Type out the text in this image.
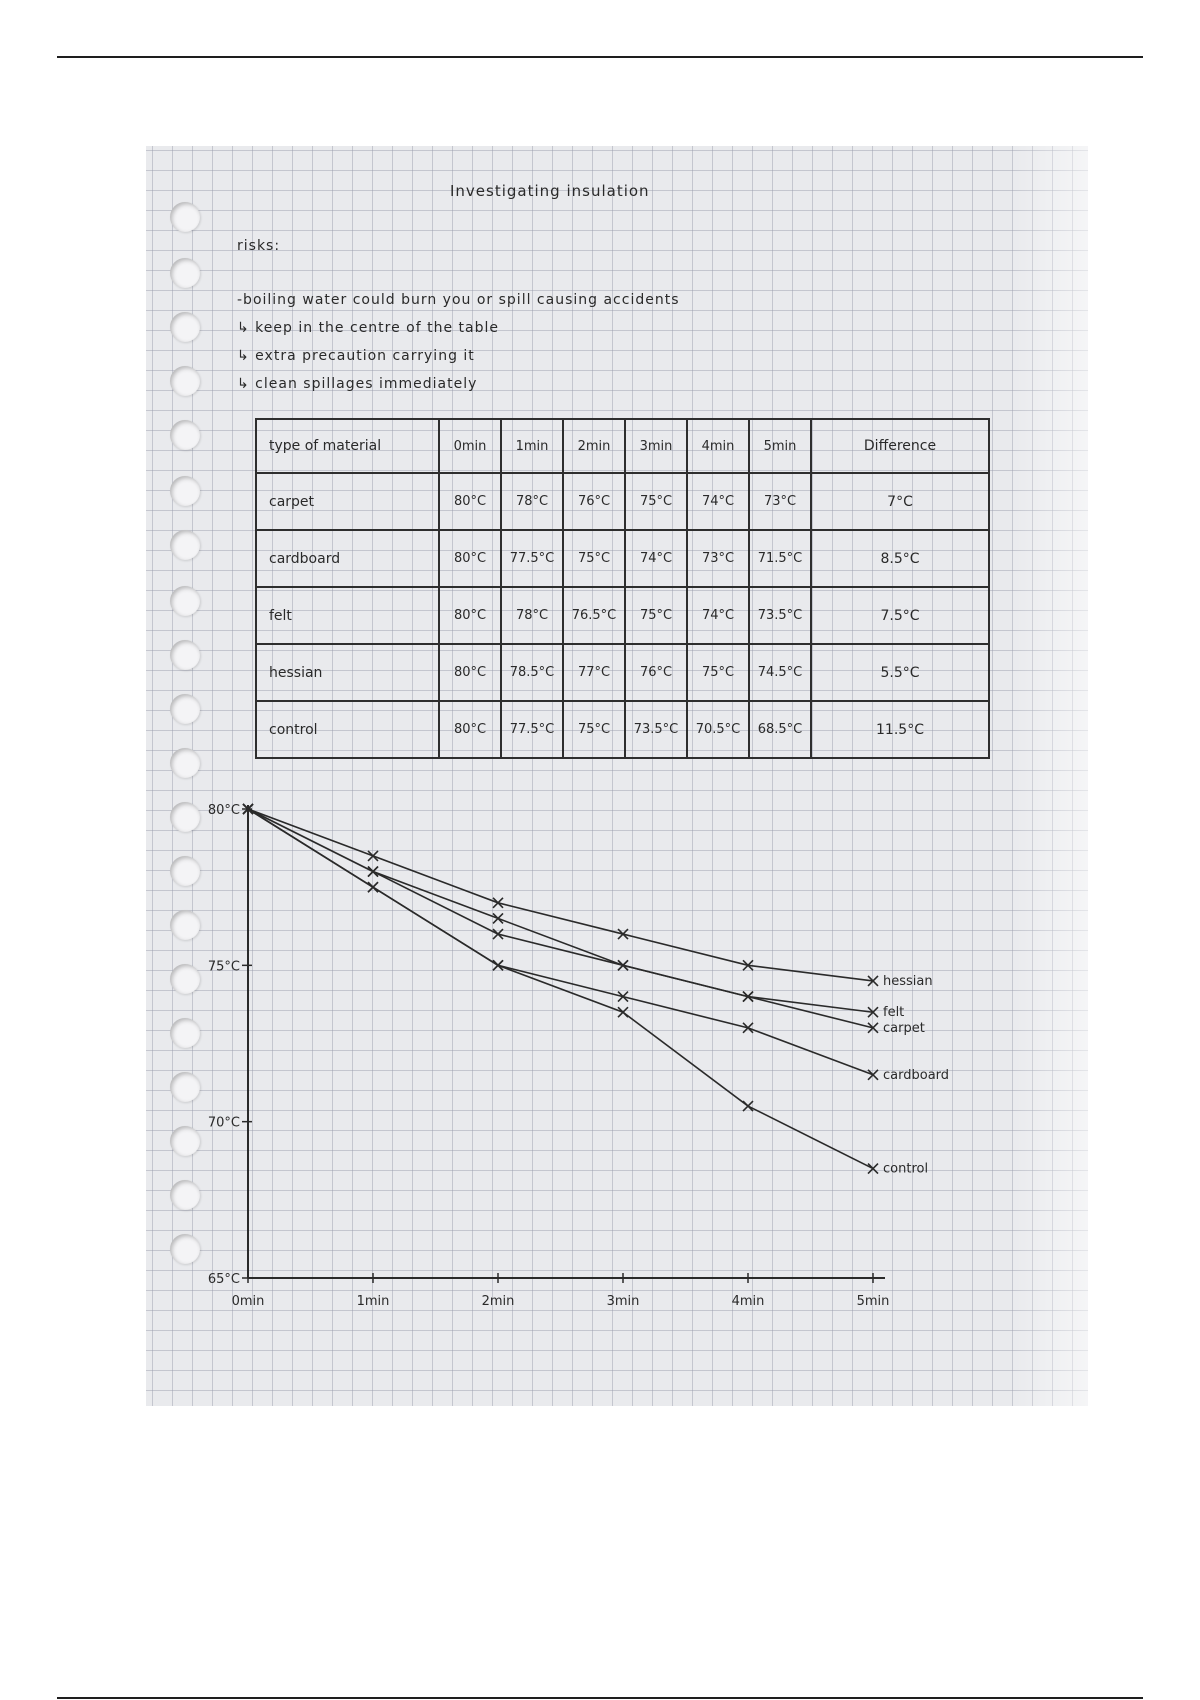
Investigating insulation
risks:
-boiling water could burn you or spill causing accidents
↳ keep in the centre of the table
↳ extra precaution carrying it
↳ clean spillages immediately
type of material	0min	1min	2min	3min	4min	5min	Difference
carpet	80°C	78°C	76°C	75°C	74°C	73°C	7°C
cardboard	80°C	77.5°C	75°C	74°C	73°C	71.5°C	8.5°C
felt	80°C	78°C	76.5°C	75°C	74°C	73.5°C	7.5°C
hessian	80°C	78.5°C	77°C	76°C	75°C	74.5°C	5.5°C
control	80°C	77.5°C	75°C	73.5°C	70.5°C	68.5°C	11.5°C
0min	1min	2min	3min	4min	5min
80°C
75°C
70°C
65°C
hessian
felt
carpet
cardboard
control
